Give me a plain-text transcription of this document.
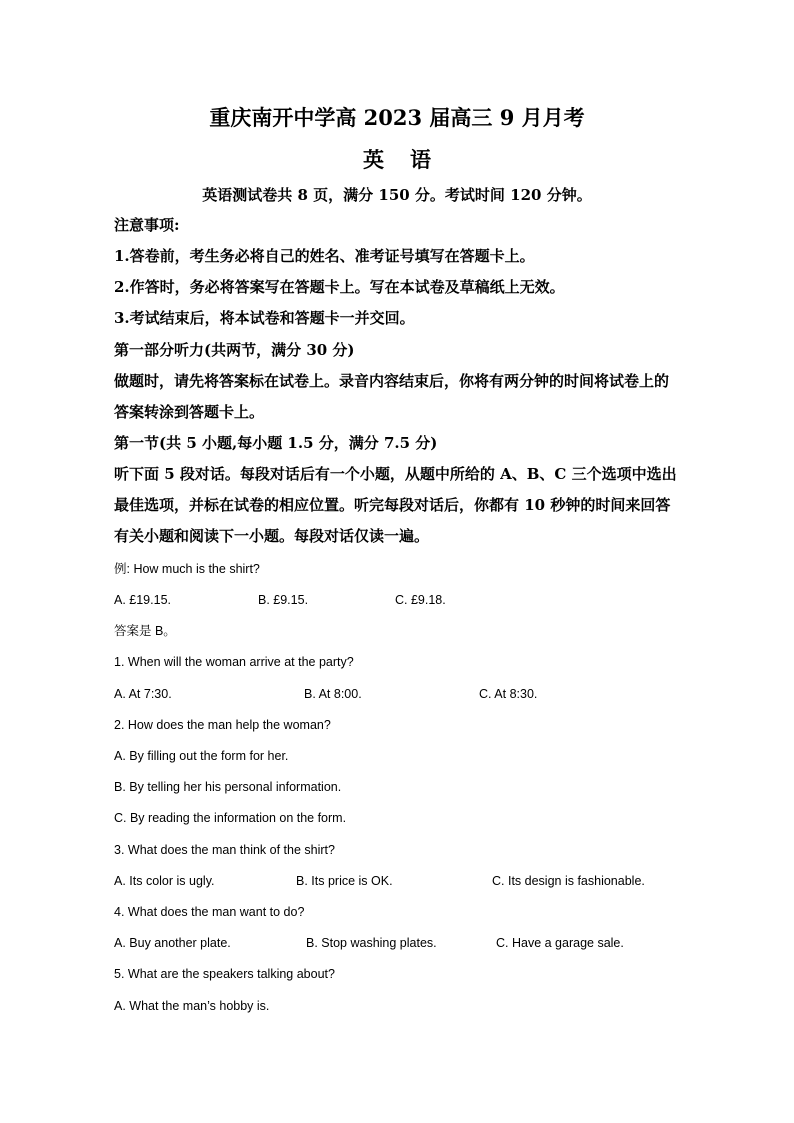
重庆南开中学高 2023 届高三 9 月月考
英语
英语测试卷共 8 页，满分 150 分。考试时间 120 分钟。
注意事项:
1.答卷前，考生务必将自己的姓名、准考证号填写在答题卡上。
2.作答时，务必将答案写在答题卡上。写在本试卷及草稿纸上无效。
3.考试结束后，将本试卷和答题卡一并交回。
第一部分听力(共两节，满分 30 分)
做题时，请先将答案标在试卷上。录音内容结束后，你将有两分钟的时间将试卷上的
答案转涂到答题卡上。
第一节(共 5 小题,每小题 1.5 分，满分 7.5 分)
听下面 5 段对话。每段对话后有一个小题，从题中所给的 A、B、C 三个选项中选出
最佳选项，并标在试卷的相应位置。听完每段对话后，你都有 10 秒钟的时间来回答
有关小题和阅读下一小题。每段对话仅读一遍。
例: How much is the shirt?
A. £19.15.	B. £9.15.	C. £9.18.
答案是 B。
1. When will the woman arrive at the party?
A. At 7:30.	B. At 8:00.	C. At 8:30.
2. How does the man help the woman?
A. By filling out the form for her.
B. By telling her his personal information.
C. By reading the information on the form.
3. What does the man think of the shirt?
A. Its color is ugly.	B. Its price is OK.	C. Its design is fashionable.
4. What does the man want to do?
A. Buy another plate.	B. Stop washing plates.	C. Have a garage sale.
5. What are the speakers talking about?
A. What the man’s hobby is.
